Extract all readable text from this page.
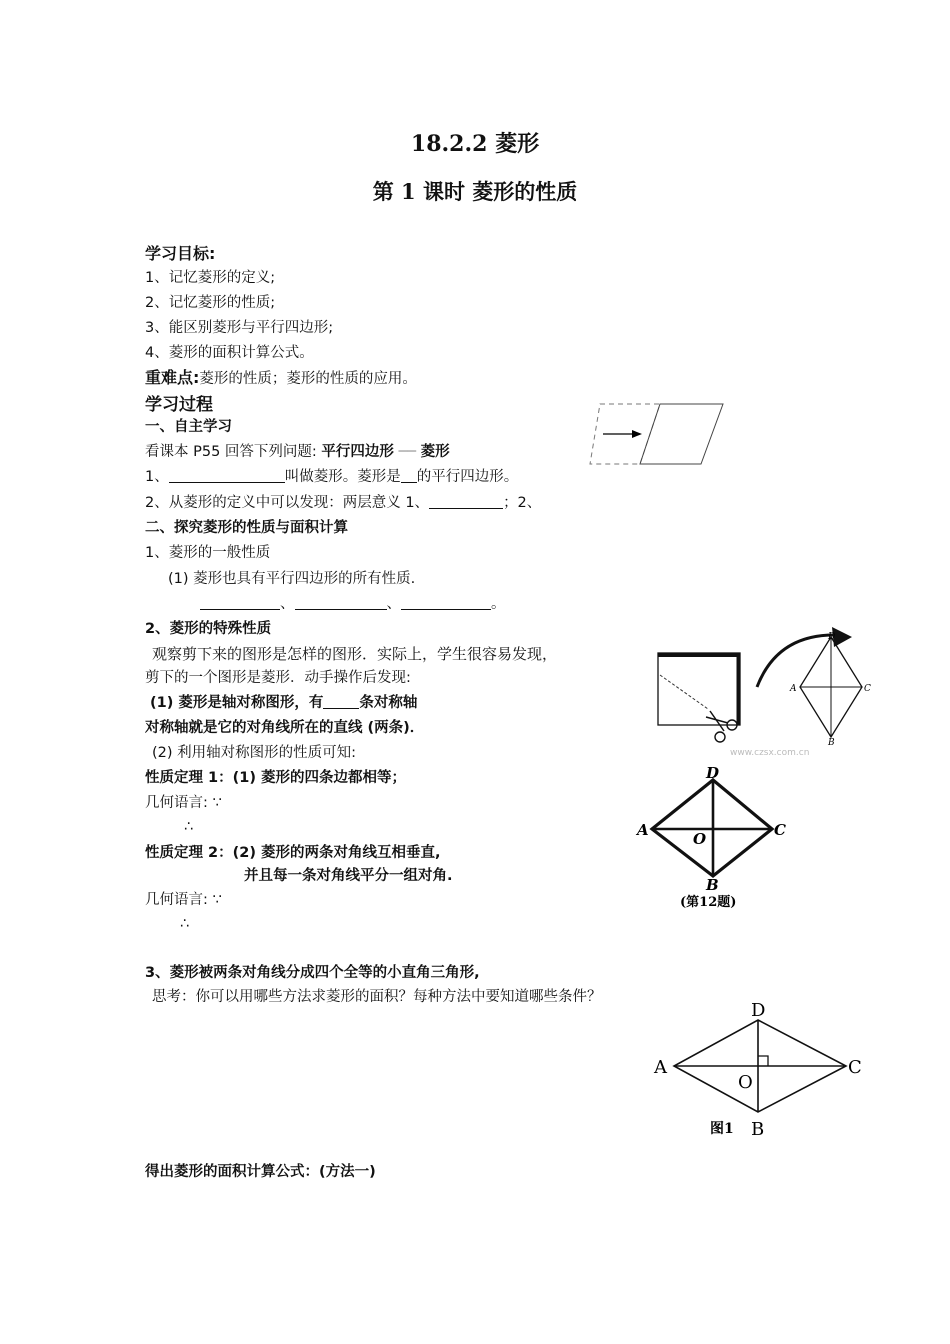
18.2.2 菱形
第 1 课时 菱形的性质
学习目标:
1、记忆菱形的定义;
2、记忆菱形的性质;
3、能区别菱形与平行四边形;
4、菱形的面积计算公式。
重难点:菱形的性质；菱形的性质的应用。
学习过程
一、自主学习
看课本 P55 回答下列问题: 平行四边形 ── 菱形
1、	叫做菱形。菱形是 的平行四边形。
2、从菱形的定义中可以发现：两层意义 1、	；2、
二、探究菱形的性质与面积计算
1、菱形的一般性质
(1) 菱形也具有平行四边形的所有性质.
、	、	。
2、菱形的特殊性质
观察剪下来的图形是怎样的图形．实际上，学生很容易发现，
剪下的一个图形是菱形．动手操作后发现:
(1) 菱形是轴对称图形，有 条对称轴
对称轴就是它的对角线所在的直线 (两条)．
(2) 利用轴对称图形的性质可知:
性质定理 1：(1) 菱形的四条边都相等；
几何语言: ∵
∴
性质定理 2：(2) 菱形的两条对角线互相垂直,
并且每一条对角线平分一组对角.
几何语言: ∵
∴
3、菱形被两条对角线分成四个全等的小直角三角形,
思考：你可以用哪些方法求菱形的面积？每种方法中要知道哪些条件？
得出菱形的面积计算公式：(方法一)
D
A	C
B
www.czsx.com.cn
D
A	O	C
B
(第12题)
D
A
O
C
B
图1
